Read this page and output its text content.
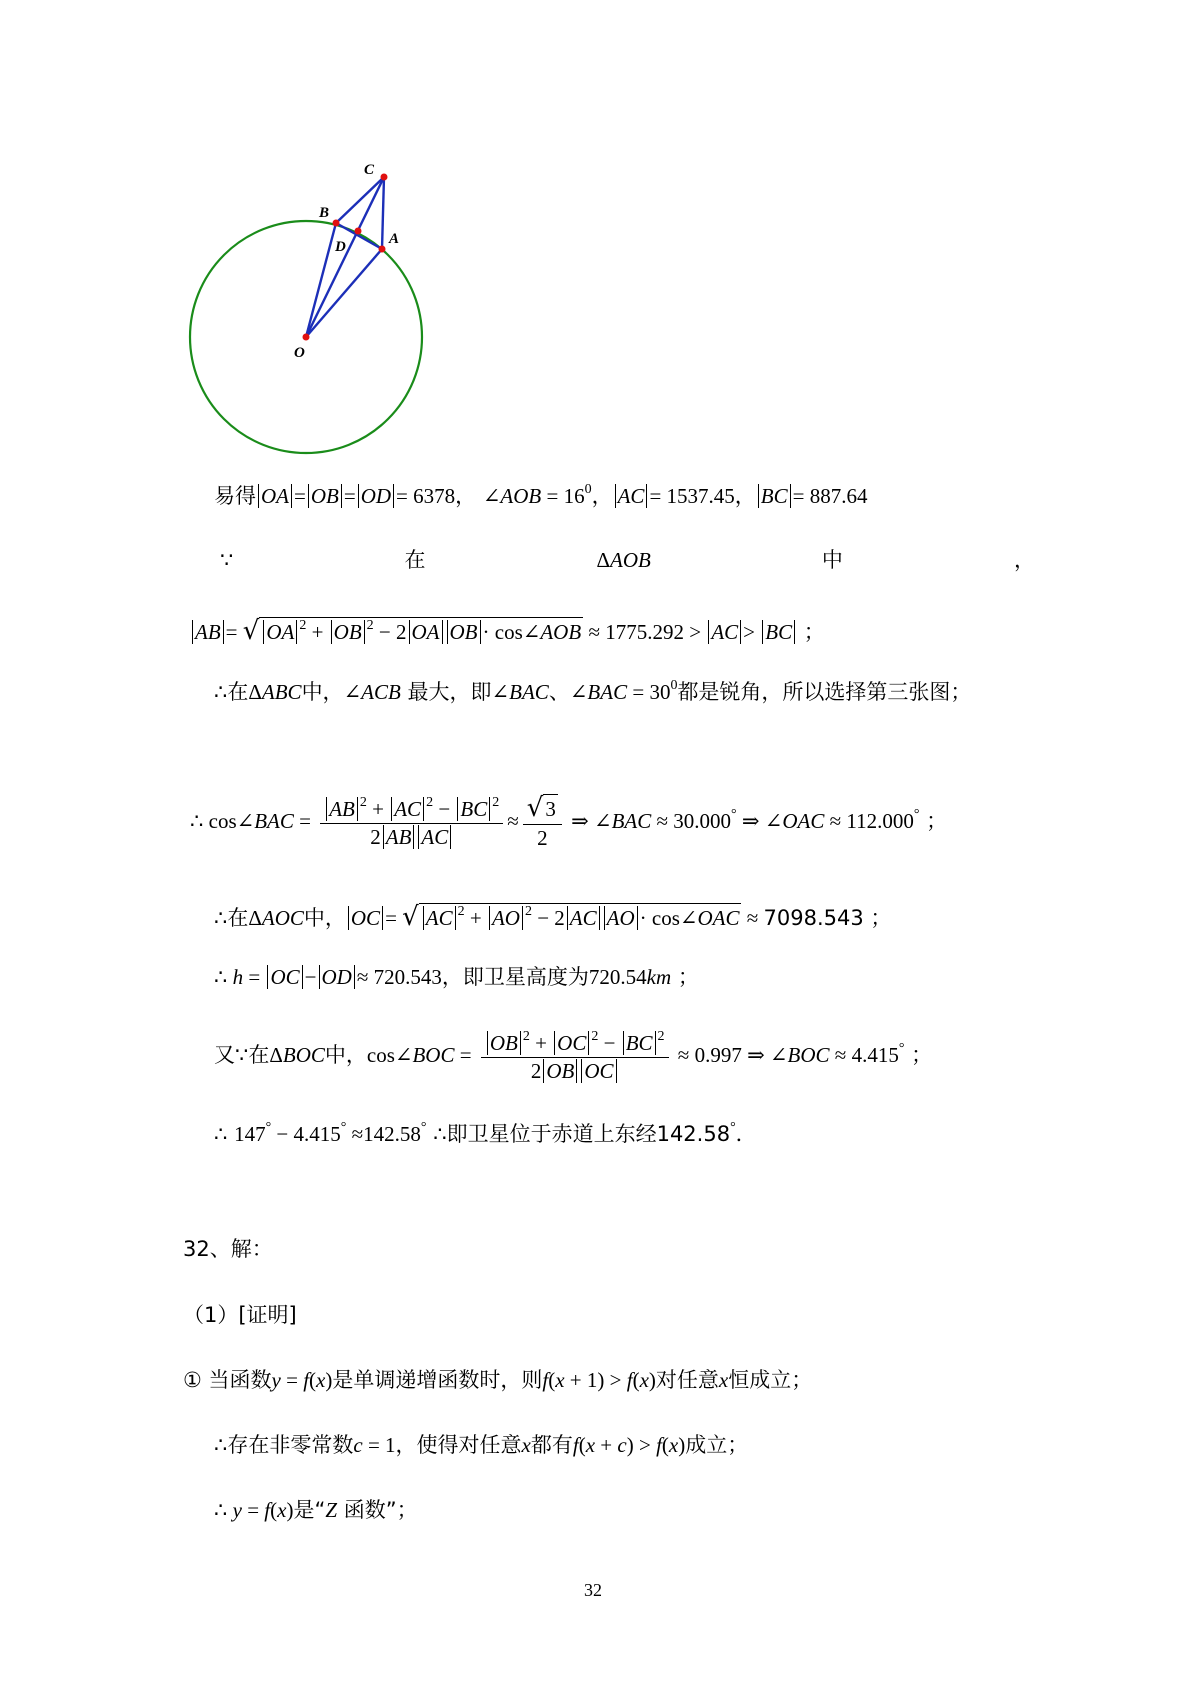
C
B
D	A
O
易得 OA = OB = OD = 6378， ∠AOB = $16^0$， AC = 1537.45， BC = 887.64
∵	在	ΔAOB	中	，
AB = √ OA $^2$ + OB $^2$ − 2 OA OB · cos∠AOB ≈ 1775.292 > AC > BC ；
∴在ΔABC中，∠ACB 最大，即∠BAC、∠BAC = $30^0$都是锐角，所以选择第三张图；
∴ cos∠BAC = $\frac{AB ^2 + AC ^2 - BC ^2}{\text{2 AB AC}} \approx \frac{√3}{2}$ ⇒ ∠BAC ≈ 30.000° ⇒ ∠OAC ≈ 112.000° ；
∴在ΔAOC中， OC = √ AC $^2$ + AO $^2$ − 2 AC AO · cos∠OAC ≈ 7098.543 ；
∴ h = OC − OD ≈ 720.543，即卫星高度为720.54km ；
又∵在ΔBOC中，cos∠BOC = $\frac{OB ^2 + OC ^2 - BC ^2}{\text{2 OB OC}} \approx 0.997$ ⇒ ∠BOC ≈ 4.415° ；
∴ 147° − 4.415° ≈142.58° ∴即卫星位于赤道上东经142.58°．
32、解：
（1）[证明]
① 当函数y = f(x)是单调递增函数时，则f(x + 1) > f(x)对任意x恒成立；
∴存在非零常数c = 1，使得对任意x都有f(x + c) > f(x)成立；
∴ y = f(x)是“Z 函数”；
32
